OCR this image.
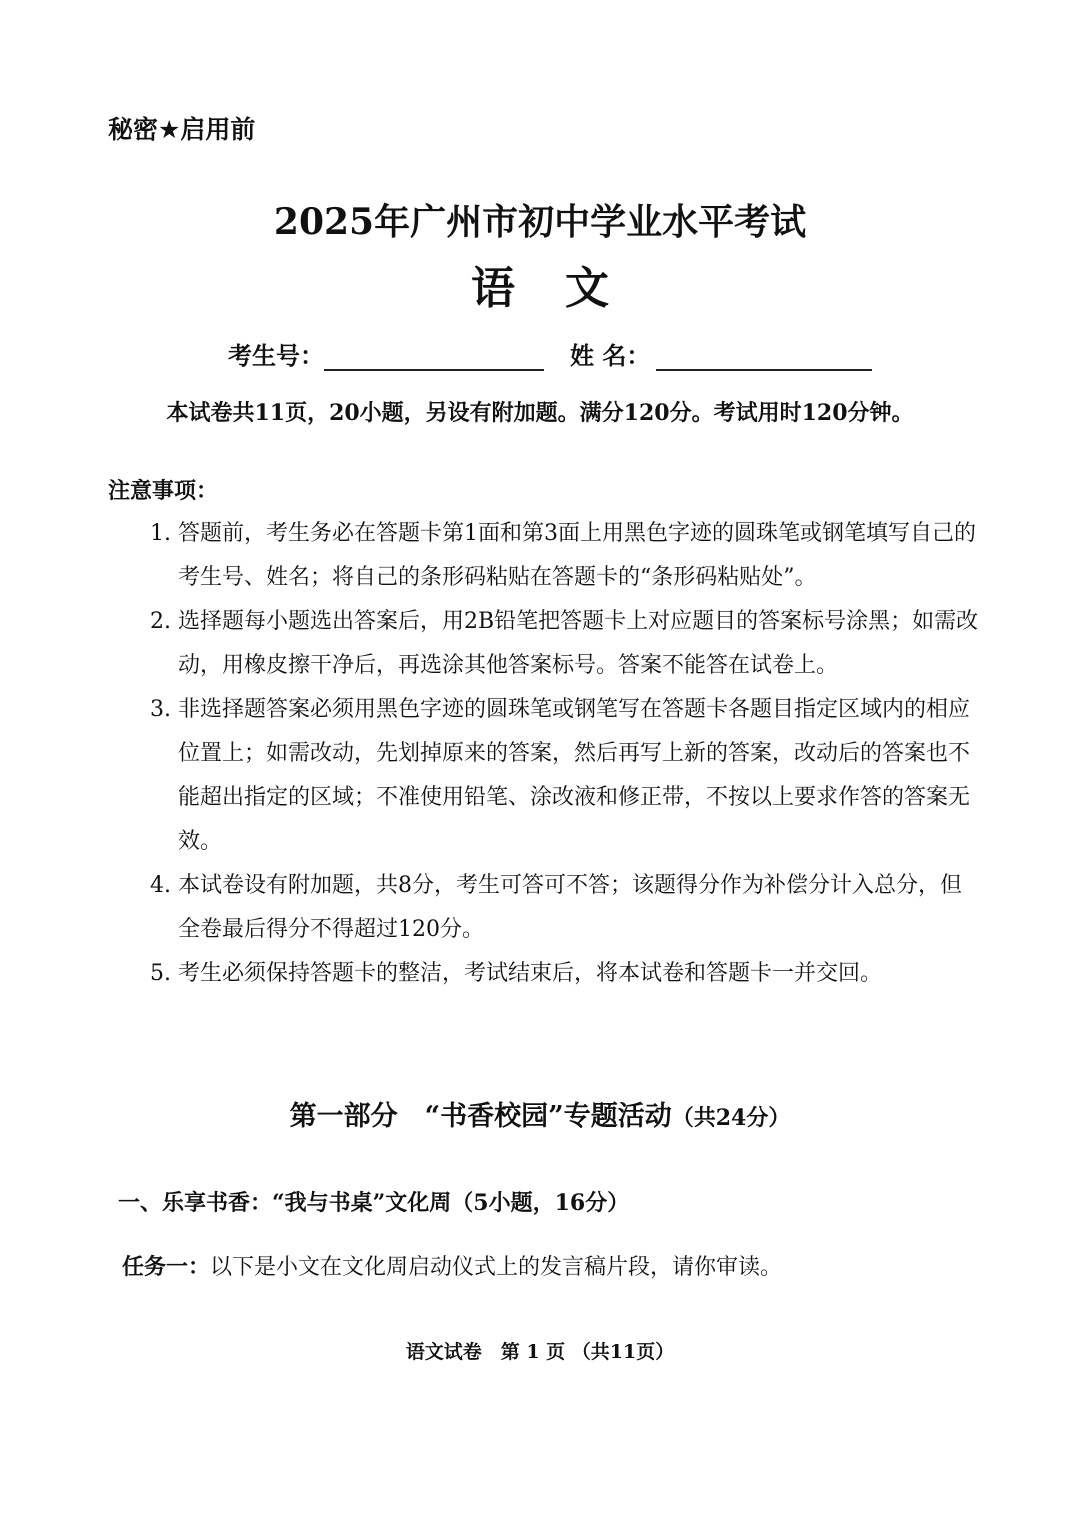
秘密★启用前
2025年广州市初中学业水平考试
语文
考生号：	姓 名：
本试卷共11页，20小题，另设有附加题。满分120分。考试用时120分钟。
注意事项：
1. 答题前，考生务必在答题卡第1面和第3面上用黑色字迹的圆珠笔或钢笔填写自己的考生号、姓名；将自己的条形码粘贴在答题卡的“条形码粘贴处”。
2. 选择题每小题选出答案后，用2B铅笔把答题卡上对应题目的答案标号涂黑；如需改动，用橡皮擦干净后，再选涂其他答案标号。答案不能答在试卷上。
3. 非选择题答案必须用黑色字迹的圆珠笔或钢笔写在答题卡各题目指定区域内的相应位置上；如需改动，先划掉原来的答案，然后再写上新的答案，改动后的答案也不能超出指定的区域；不准使用铅笔、涂改液和修正带，不按以上要求作答的答案无效。
4. 本试卷设有附加题，共8分，考生可答可不答；该题得分作为补偿分计入总分，但全卷最后得分不得超过120分。
5. 考生必须保持答题卡的整洁，考试结束后，将本试卷和答题卡一并交回。
第一部分　“书香校园”专题活动（共24分）
一、乐享书香：“我与书桌”文化周（5小题，16分）
任务一：以下是小文在文化周启动仪式上的发言稿片段，请你审读。
语文试卷　第 1 页 （共11页）
